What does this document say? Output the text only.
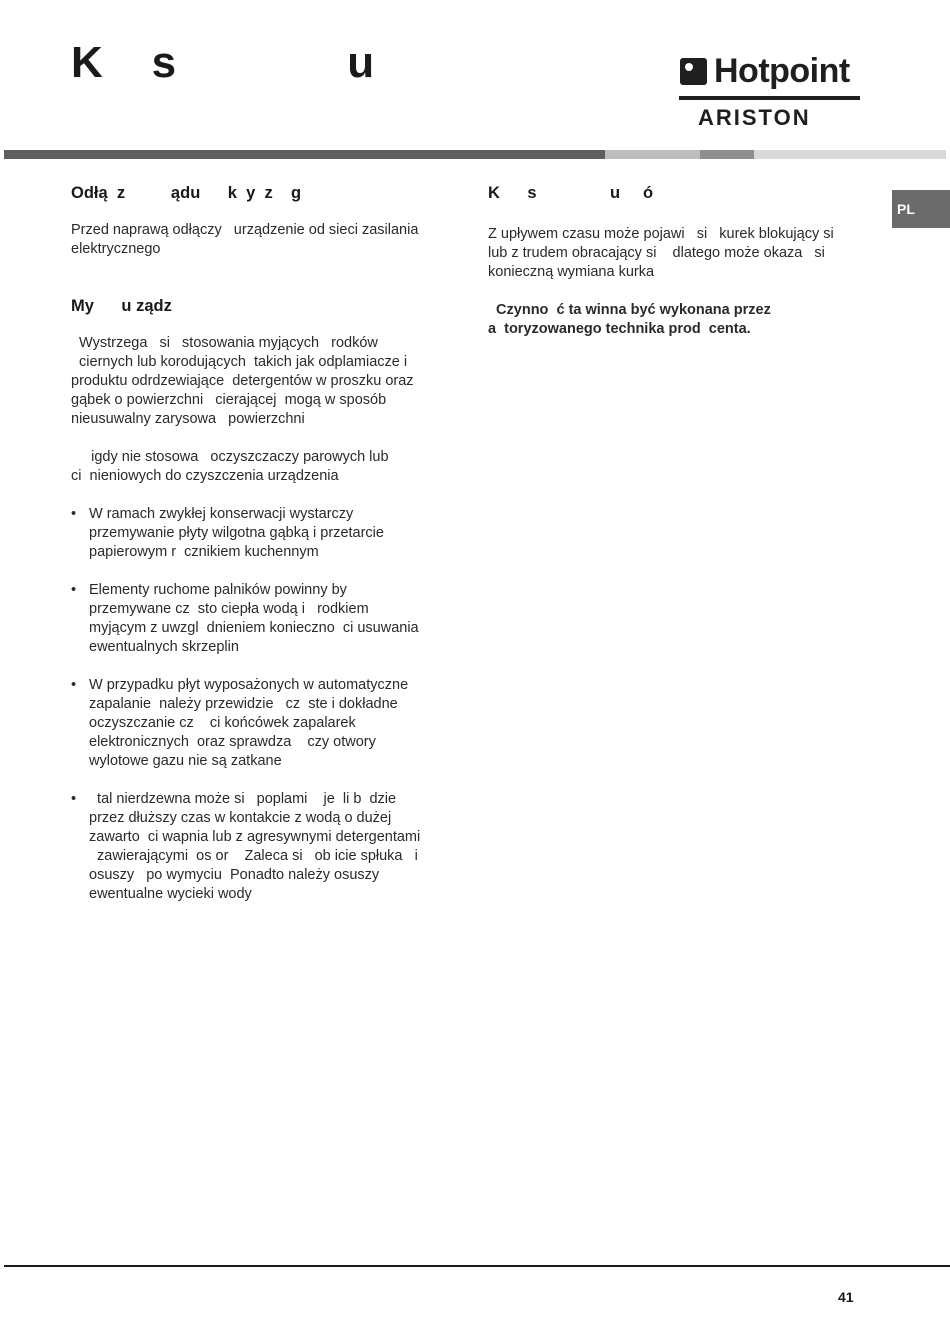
K    s              u	Hotpoint
ARISTON
PL
Odłą  z          ądu      k  y  z    g

Przed naprawą odłączy   urządzenie od sieci zasilania
elektrycznego

My      u ządz

Wystrzega   si   stosowania myjących   rodków
ciernych lub korodujących  takich jak odplamiacze i
produktu odrdzewiające  detergentów w proszku oraz
gąbek o powierzchni   cierającej  mogą w sposób
nieusuwalny zarysowa   powierzchni

igdy nie stosowa   oczyszczaczy parowych lub
ci  nieniowych do czyszczenia urządzenia

• W ramach zwykłej konserwacji wystarczy
przemywanie płyty wilgotna gąbką i przetarcie
papierowym r  cznikiem kuchennym
• Elementy ruchome palników powinny by
przemywane cz  sto ciepła wodą i   rodkiem
myjącym z uwzgl  dnieniem konieczno  ci usuwania
ewentualnych skrzeplin
• W przypadku płyt wyposażonych w automatyczne
zapalanie  należy przewidzie   cz  ste i dokładne
oczyszczanie cz    ci końcówek zapalarek
elektronicznych  oraz sprawdza    czy otwory
wylotowe gazu nie są zatkane
• tal nierdzewna może si   poplami    je  li b  dzie
przez dłuższy czas w kontakcie z wodą o dużej
zawarto  ci wapnia lub z agresywnymi detergentami
zawierającymi  os or    Zaleca si   ob icie spłuka   i
osuszy   po wymyciu  Ponadto należy osuszy
ewentualne wycieki wody
K      s                u     ó

Z upływem czasu może pojawi   si   kurek blokujący si
lub z trudem obracający si    dlatego może okaza   si
konieczną wymiana kurka

Czynno  ć ta winna być wykonana przez
a  toryzowanego technika prod  centa.

41
